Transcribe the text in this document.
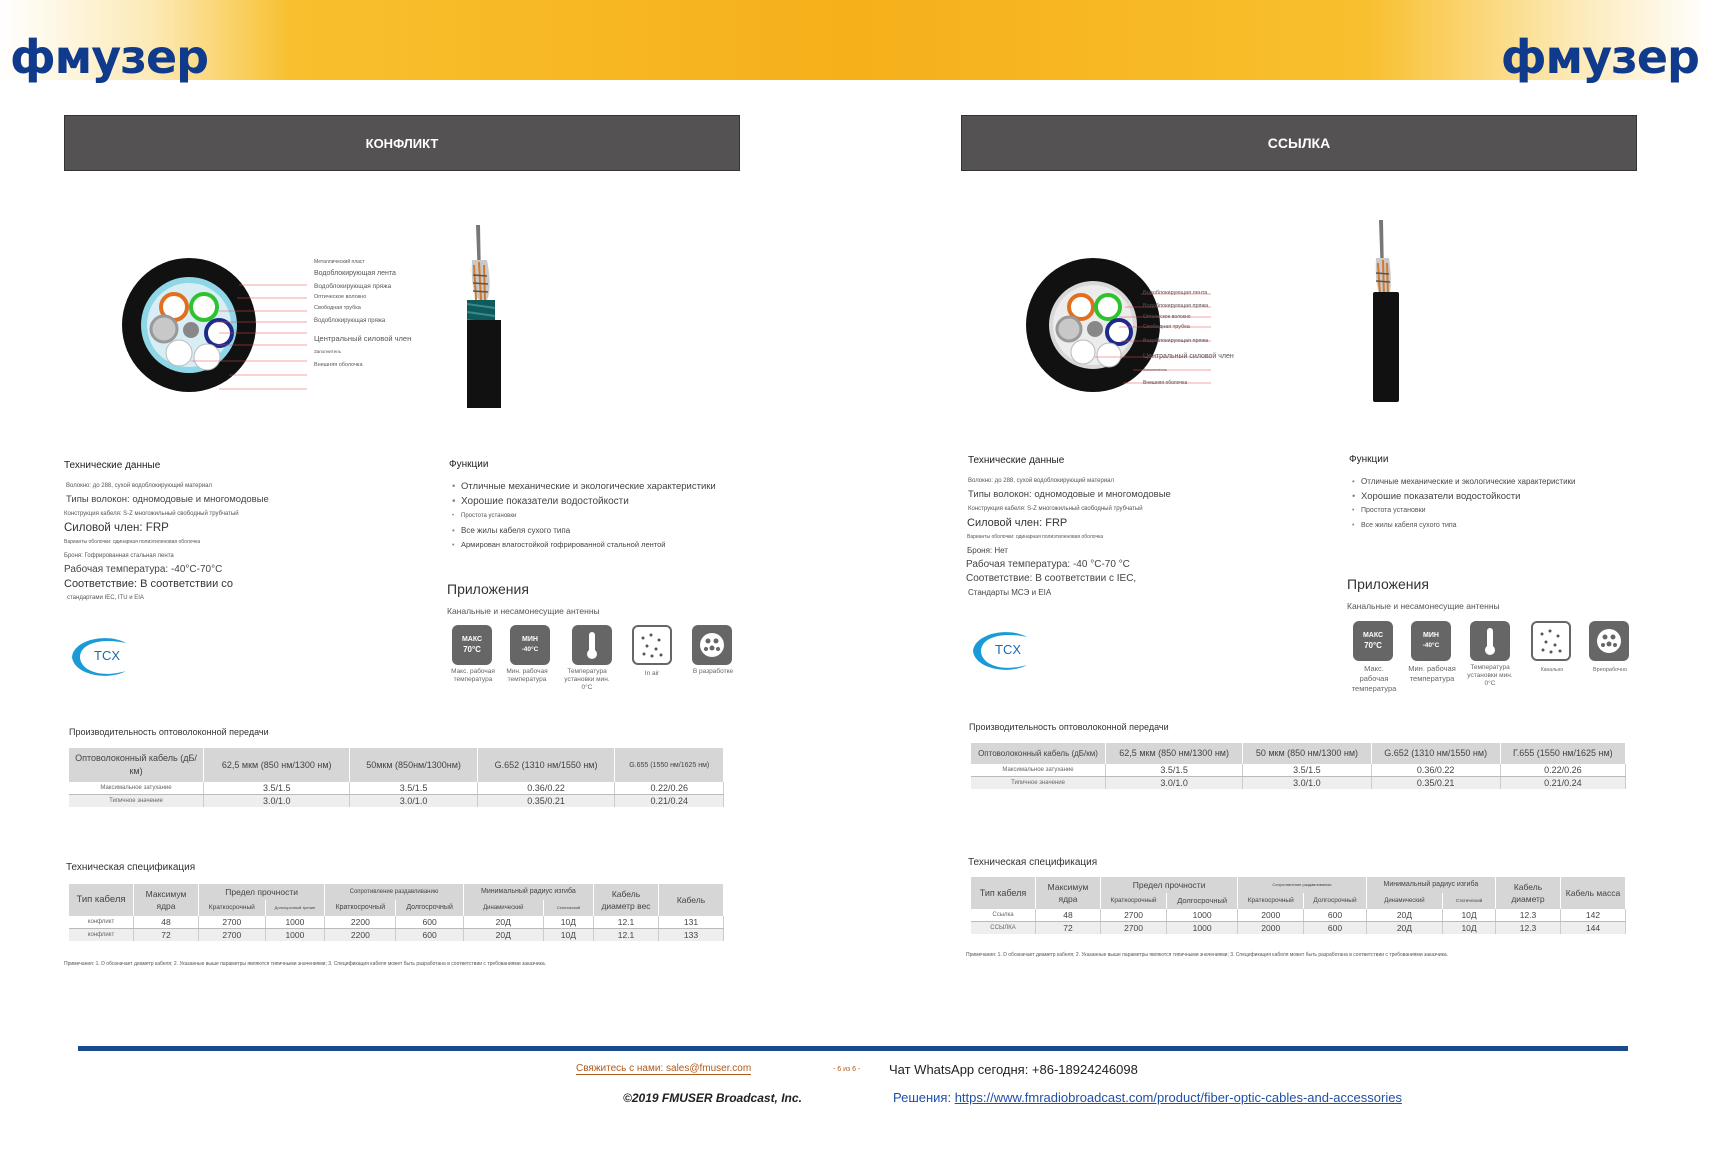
фмузер	фмузер
КОНФЛИКТ
Металлический пласт
Водоблокирующая лента
Водоблокирующая пряжа
Оптическое волокно
Свободная трубка
Водоблокирующая пряжа
Центральный силовой член
Заполнитель
Внешняя оболочка
Технические данные
Волокно: до 288, сухой водоблокирующий материал
Типы волокон: одномодовые и многомодовые
Конструкция кабеля: S-Z многожильный свободный трубчатый
Силовой член: FRP
Варианты оболочки: одинарная полиэтиленовая оболочка
Броня: Гофрированная стальная лента
Рабочая температура: -40°C-70°C
Соответствие: В соответствии со
стандартами IEC, ITU и EIA
Функции
• Отличные механические и экологические характеристики
• Хорошие показатели водостойкости
• Простота установки
• Все жилы кабеля сухого типа
• Армирован влагостойкой гофрированной стальной лентой
Приложения
Канальные и несамонесущие антенны
МАКС
70°C
МИН
-40°C
Макс. рабочая температура
Мин. рабочая температура
Температура установки мин. 0°C
In air	В разработке
TCX
Производительность оптоволоконной передачи
Оптоволоконный кабель (дБ/км)	62,5 мкм (850 нм/1300 нм)	50мкм (850нм/1300нм)	G.652 (1310 нм/1550 нм)	G.655 (1550 нм/1625 нм)
Максимальное затухание	3.5/1.5	3.5/1.5	0.36/0.22	0.22/0.26
Типичное значение	3.0/1.0	3.0/1.0	0.35/0.21	0.21/0.24
Техническая спецификация
Тип кабеля	Максимум ядра	Предел прочности		Сопротивление раздавливанию		Минимальный радиус изгиба		Кабель диаметр вес	Кабель
		Краткосрочный	Долгосрочный трение	Краткосрочный	Долгосрочный	Динамический	Статический		
конфликт	48	2700	1000	2200	600	20Д	10Д	12.1	131
конфликт	72	2700	1000	2200	600	20Д	10Д	12.1	133
Примечания: 1. D обозначает диаметр кабеля; 2. Указанные выше параметры являются типичными значениями; 3. Спецификация кабеля может быть разработана в соответствии с требованиями заказчика.
ССЫЛКА
Водоблокирующая лента
Водоблокирующая пряжа
Оптическое волокно
Свободная трубка
Водоблокирующая пряжа
Центральный силовой член
Заполнитель
Внешняя оболочка
Технические данные
Волокно: до 288, сухой водоблокирующий материал
Типы волокон: одномодовые и многомодовые
Конструкция кабеля: S-Z многожильный свободный трубчатый
Силовой член: FRP
Варианты оболочки: одинарная полиэтиленовая оболочка
Броня: Нет
Рабочая температура: -40 °C-70 °C
Соответствие: В соответствии с IEC,
Стандарты МСЭ и EIA
Функции
• Отличные механические и экологические характеристики
• Хорошие показатели водостойкости
• Простота установки
• Все жилы кабеля сухого типа
Приложения
Канальные и несамонесущие антенны
МАКС
70°C
МИН
-40°C
Макс. рабочая температура
Мин. рабочая температура
Температура установки мин. 0°C
Канально	Вреорабочно
TCX
Производительность оптоволоконной передачи
Оптоволоконный кабель (дБ/км)	62,5 мкм (850 нм/1300 нм)	50 мкм (850 нм/1300 нм)	G.652 (1310 нм/1550 нм)	Г.655 (1550 нм/1625 нм)
Максимальное затухание	3.5/1.5	3.5/1.5	0.36/0.22	0.22/0.26
Типичное значение	3.0/1.0	3.0/1.0	0.35/0.21	0.21/0.24
Техническая спецификация
Тип кабеля	Максимум ядра	Предел прочности		Сопротивление раздавливанию		Минимальный радиус изгиба		Кабель диаметр	Кабель масса
		Краткосрочный	Долгосрочный	Краткосрочный	Долгосрочный	Динамический	Статический		
Ссылка	48	2700	1000	2000	600	20Д	10Д	12.3	142
ССЫЛКА	72	2700	1000	2000	600	20Д	10Д	12.3	144
Примечания: 1. D обозначает диаметр кабеля; 2. Указанные выше параметры являются типичными значениями; 3. Спецификация кабеля может быть разработана в соответствии с требованиями заказчика.
Свяжитесь с нами: sales@fmuser.com	- 6 из 6 - Чат WhatsApp сегодня: +86-18924246098
©2019 FMUSER Broadcast, Inc.	Решения: https://www.fmradiobroadcast.com/product/fiber-optic-cables-and-accessories
